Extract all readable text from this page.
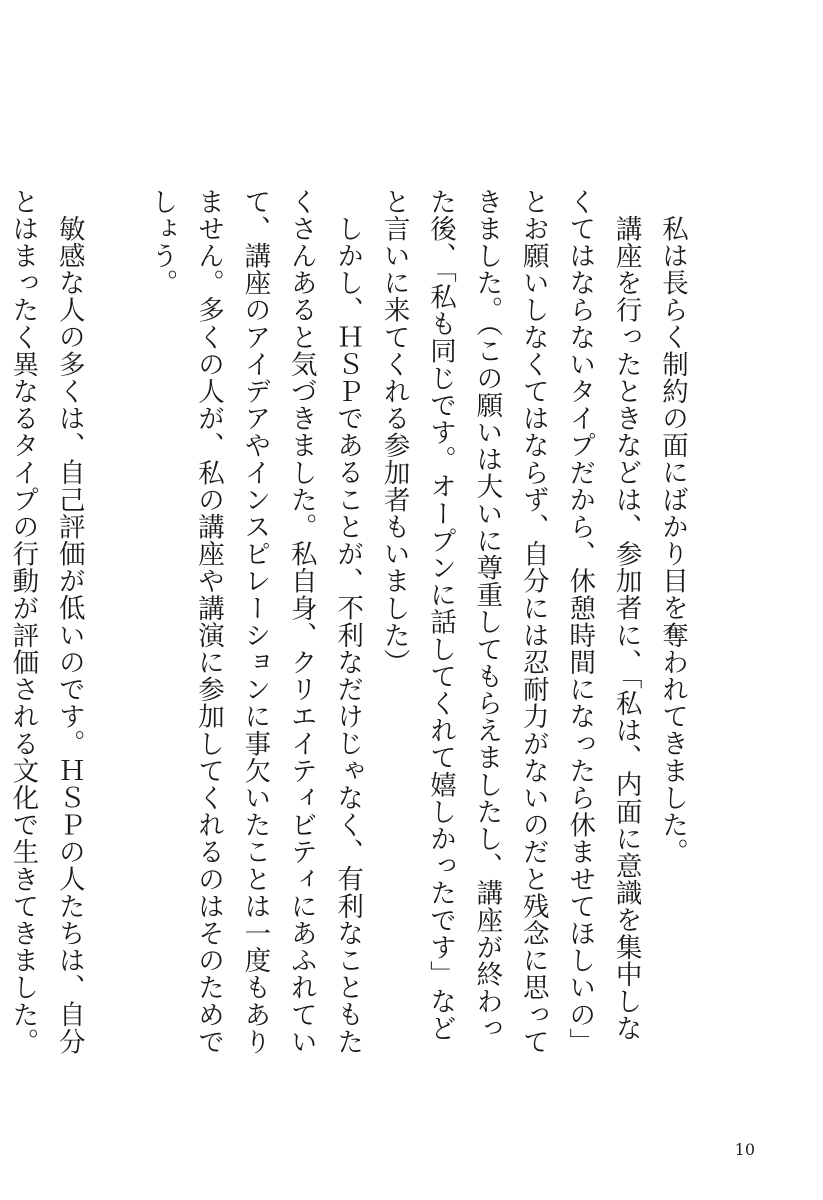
私は長らく制約の面にばかり目を奪われてきました。

講座を行ったときなどは、参加者に、「私は、内面に意識を集中しなくてはならないタイプだから、休憩時間になったら休ませてほしいの」とお願いしなくてはならず、自分には忍耐力がないのだと残念に思ってきました。（この願いは大いに尊重してもらえましたし、講座が終わった後、「私も同じです。オープンに話してくれて嬉しかったです」などと言いに来てくれる参加者もいました）

しかし、ＨＳＰであることが、不利なだけじゃなく、有利なこともたくさんあると気づきました。私自身、クリエイティビティにあふれていて、講座のアイデアやインスピレーションに事欠いたことは一度もありません。多くの人が、私の講座や講演に参加してくれるのはそのためでしょう。

敏感な人の多くは、自己評価が低いのです。ＨＳＰの人たちは、自分とはまったく異なるタイプの行動が評価される文化で生きてきました。

10
